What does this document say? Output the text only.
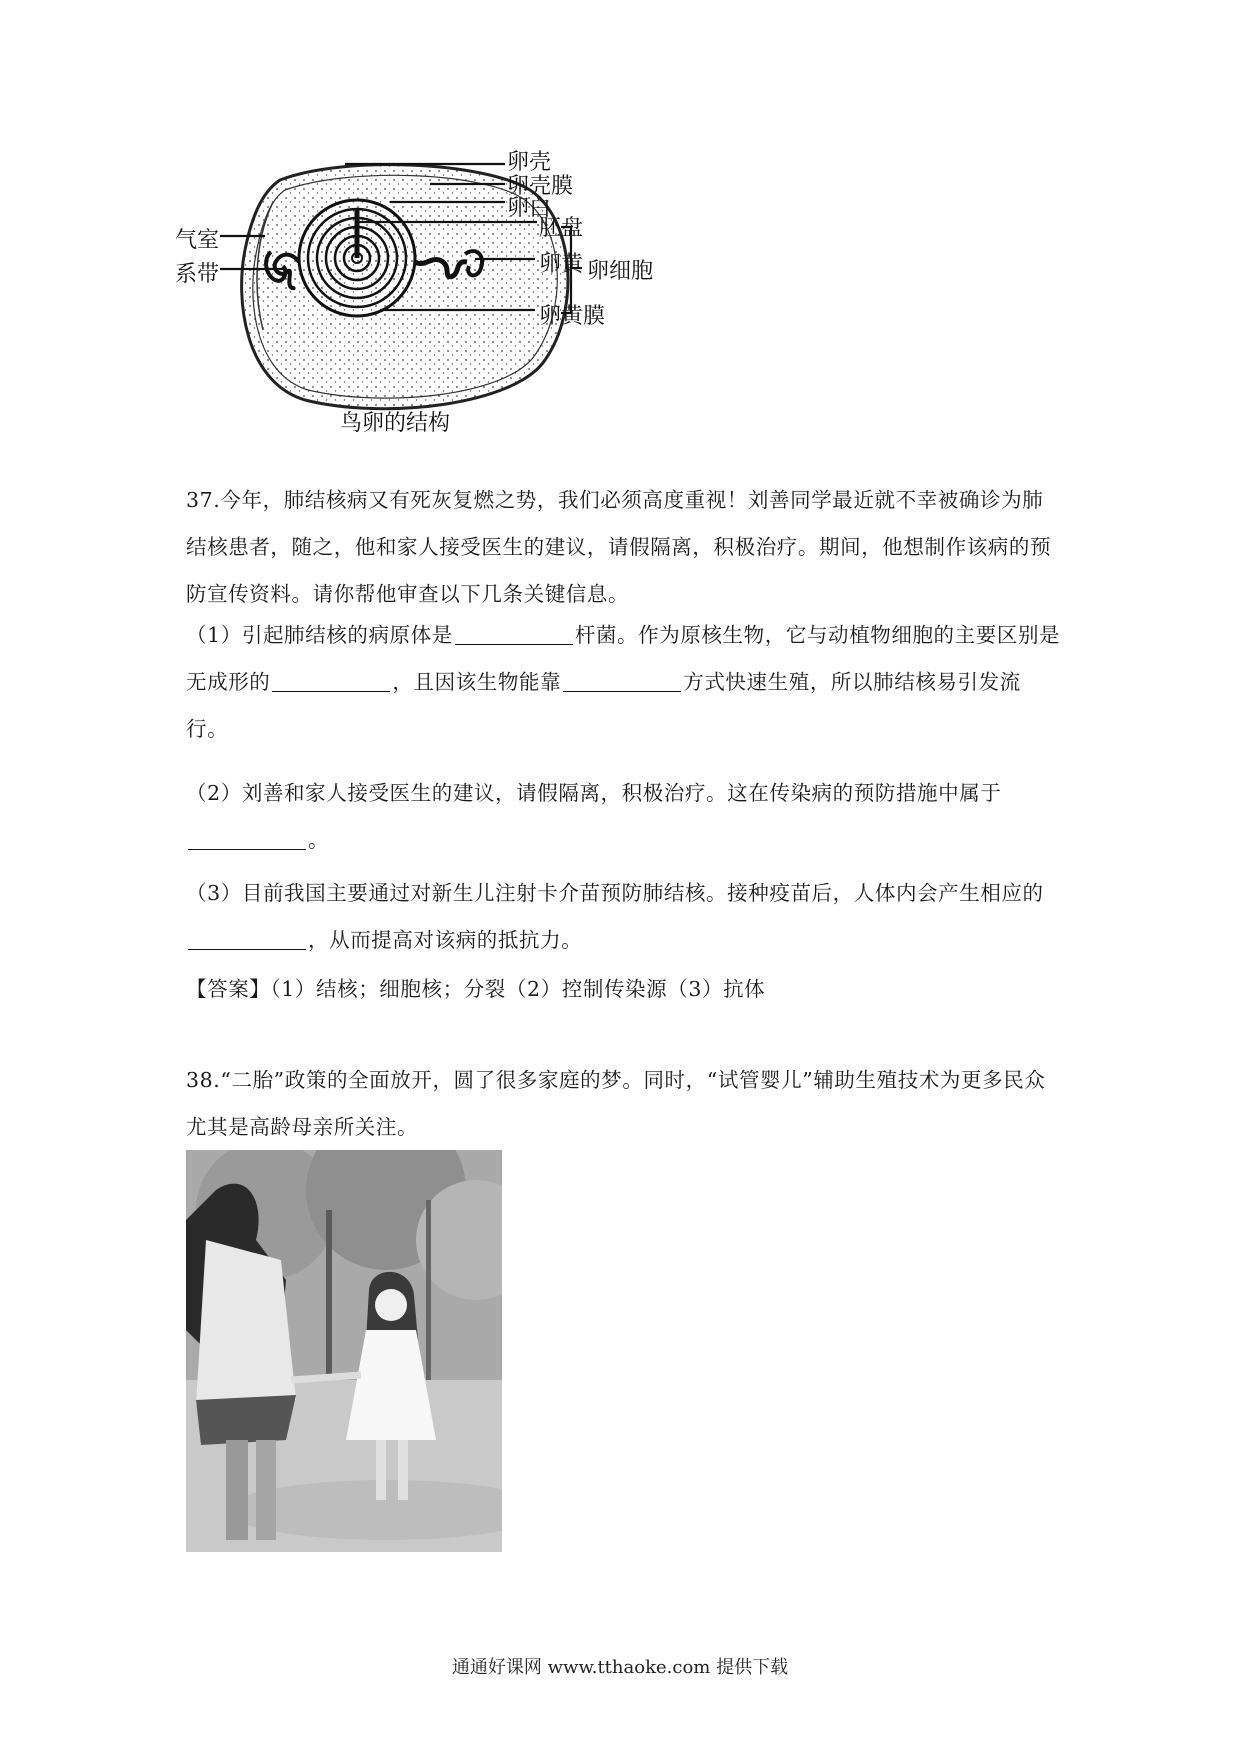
卵壳
卵壳膜
卵白
胚盘
卵黄
卵黄膜
卵细胞
气室
系带
鸟卵的结构
37.今年，肺结核病又有死灰复燃之势，我们必须高度重视！刘善同学最近就不幸被确诊为肺结核患者，随之，他和家人接受医生的建议，请假隔离，积极治疗。期间，他想制作该病的预防宣传资料。请你帮他审查以下几条关键信息。
（1）引起肺结核的病原体是	杆菌。作为原核生物，它与动植物细胞的主要区别是无成形的	，且因该生物能靠	方式快速生殖，所以肺结核易引发流行。
（2）刘善和家人接受医生的建议，请假隔离，积极治疗。这在传染病的预防措施中属于。
（3）目前我国主要通过对新生儿注射卡介苗预防肺结核。接种疫苗后，人体内会产生相应的，从而提高对该病的抵抗力。
【答案】（1）结核；细胞核；分裂（2）控制传染源（3）抗体
38.“二胎”政策的全面放开，圆了很多家庭的梦。同时，“试管婴儿”辅助生殖技术为更多民众尤其是高龄母亲所关注。
通通好课网 www.tthaoke.com 提供下载
